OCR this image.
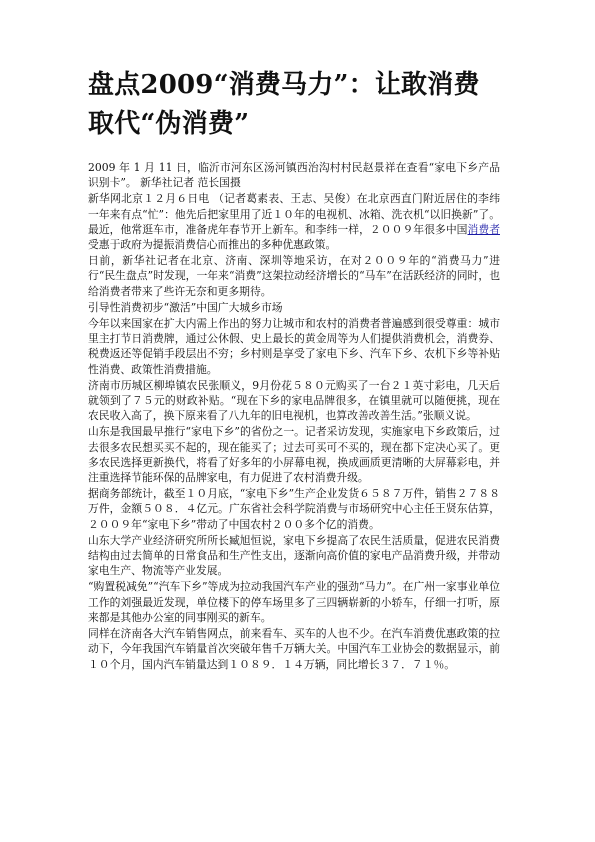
盘点2009“消费马力”：让敢消费取代“伪消费”

2009 年 1 月 11 日，临沂市河东区汤河镇西治沟村村民赵景祥在查看“家电下乡产品识别卡”。 新华社记者 范长国摄

新华网北京１２月６日电 （记者葛素表、王志、吴俊）在北京西直门附近居住的李纬一年来有点“忙”：他先后把家里用了近１０年的电视机、冰箱、洗衣机“以旧换新”了。最近，他常逛车市，准备虎年春节开上新车。和李纬一样，２００９年很多中国消费者受惠于政府为提振消费信心而推出的多种优惠政策。

日前，新华社记者在北京、济南、深圳等地采访，在对２００９年的“消费马力”进行“民生盘点”时发现，一年来“消费”这架拉动经济增长的“马车”在活跃经济的同时，也给消费者带来了些许无奈和更多期待。

引导性消费初步“激活”中国广大城乡市场

今年以来国家在扩大内需上作出的努力让城市和农村的消费者普遍感到很受尊重：城市里主打节日消费牌，通过公休假、史上最长的黄金周等为人们提供消费机会，消费券、税费返还等促销手段层出不穷；乡村则是享受了家电下乡、汽车下乡、农机下乡等补贴性消费、政策性消费措施。

济南市历城区柳埠镇农民张顺义，9月份花５８０元购买了一台２１英寸彩电，几天后就领到了７５元的财政补贴。“现在下乡的家电品牌很多，在镇里就可以随便挑，现在农民收入高了，换下原来看了八九年的旧电视机，也算改善改善生活。”张顺义说。

山东是我国最早推行“家电下乡”的省份之一。记者采访发现，实施家电下乡政策后，过去很多农民想买买不起的，现在能买了；过去可买可不买的，现在都下定决心买了。更多农民选择更新换代，将看了好多年的小屏幕电视，换成画质更清晰的大屏幕彩电，并注重选择节能环保的品牌家电，有力促进了农村消费升级。

据商务部统计，截至１０月底，“家电下乡”生产企业发货６５８７万件，销售２７８８万件，金额５０８．４亿元。广东省社会科学院消费与市场研究中心主任王贤东估算，２００９年“家电下乡”带动了中国农村２００多个亿的消费。

山东大学产业经济研究所所长臧旭恒说，家电下乡提高了农民生活质量，促进农民消费结构由过去简单的日常食品和生产性支出，逐渐向高价值的家电产品消费升级，并带动家电生产、物流等产业发展。

“购置税减免”“汽车下乡”等成为拉动我国汽车产业的强劲“马力”。在广州一家事业单位工作的刘强最近发现，单位楼下的停车场里多了三四辆崭新的小轿车，仔细一打听，原来都是其他办公室的同事刚买的新车。

同样在济南各大汽车销售网点，前来看车、买车的人也不少。在汽车消费优惠政策的拉动下，今年我国汽车销量首次突破年售千万辆大关。中国汽车工业协会的数据显示，前１０个月，国内汽车销量达到１０８９．１４万辆，同比增长３７．７１％。
